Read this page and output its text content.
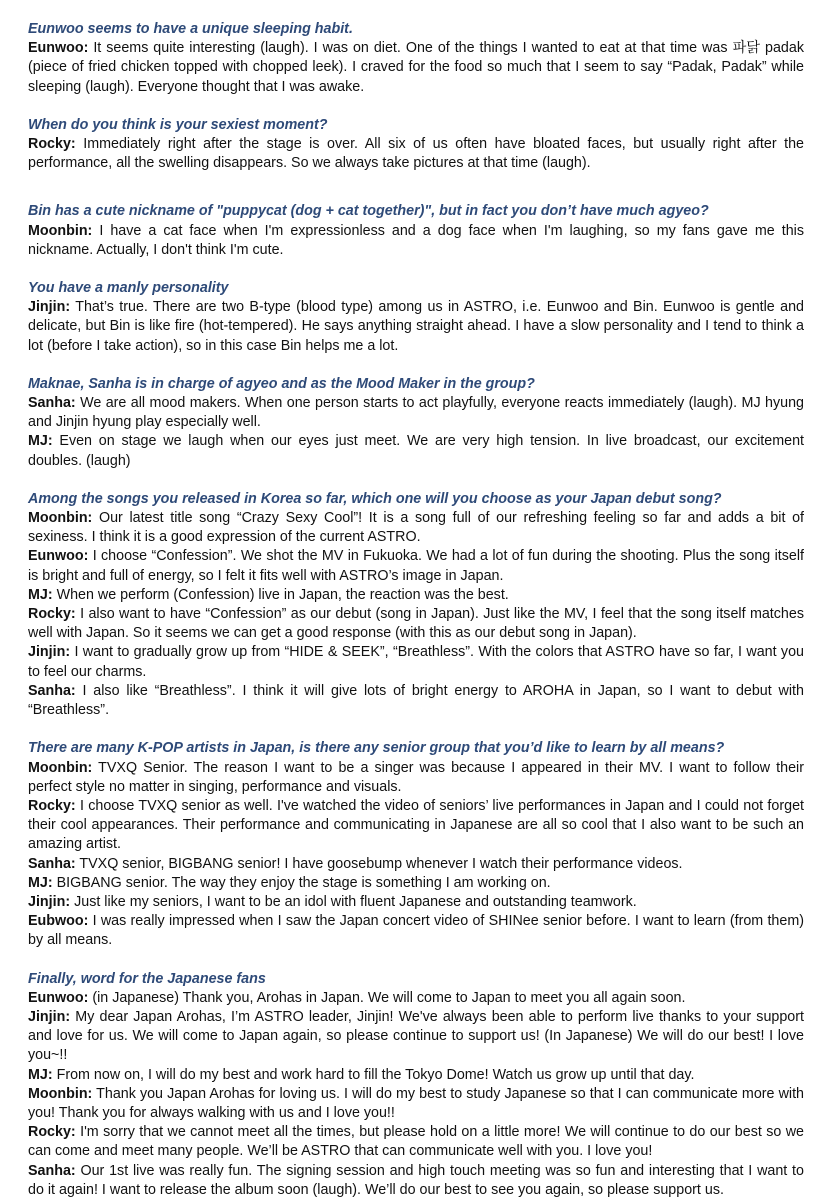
Eunwoo seems to have a unique sleeping habit.

Eunwoo: It seems quite interesting (laugh). I was on diet. One of the things I wanted to eat at that time was 파닭 padak (piece of fried chicken topped with chopped leek). I craved for the food so much that I seem to say “Padak, Padak” while sleeping (laugh). Everyone thought that I was awake.

When do you think is your sexiest moment?

Rocky: Immediately right after the stage is over. All six of us often have bloated faces, but usually right after the performance, all the swelling disappears. So we always take pictures at that time (laugh).

Bin has a cute nickname of "puppycat (dog + cat together)", but in fact you don’t have much agyeo?

Moonbin: I have a cat face when I'm expressionless and a dog face when I'm laughing, so my fans gave me this nickname. Actually, I don't think I'm cute.

You have a manly personality

Jinjin: That’s true. There are two B-type (blood type) among us in ASTRO, i.e. Eunwoo and Bin. Eunwoo is gentle and delicate, but Bin is like fire (hot-tempered). He says anything straight ahead. I have a slow personality and I tend to think a lot (before I take action), so in this case Bin helps me a lot.

Maknae, Sanha is in charge of agyeo and as the Mood Maker in the group?

Sanha: We are all mood makers. When one person starts to act playfully, everyone reacts immediately (laugh). MJ hyung and Jinjin hyung play especially well.

MJ: Even on stage we laugh when our eyes just meet. We are very high tension. In live broadcast, our excitement doubles. (laugh)

Among the songs you released in Korea so far, which one will you choose as your Japan debut song?

Moonbin: Our latest title song “Crazy Sexy Cool”! It is a song full of our refreshing feeling so far and adds a bit of sexiness. I think it is a good expression of the current ASTRO.

Eunwoo: I choose “Confession”. We shot the MV in Fukuoka. We had a lot of fun during the shooting. Plus the song itself is bright and full of energy, so I felt it fits well with ASTRO’s image in Japan.

MJ: When we perform (Confession) live in Japan, the reaction was the best.

Rocky: I also want to have “Confession” as our debut (song in Japan). Just like the MV, I feel that the song itself matches well with Japan. So it seems we can get a good response (with this as our debut song in Japan).

Jinjin: I want to gradually grow up from “HIDE & SEEK”, “Breathless”. With the colors that ASTRO have so far, I want you to feel our charms.

Sanha: I also like “Breathless”. I think it will give lots of bright energy to AROHA in Japan, so I want to debut with “Breathless”.

There are many K-POP artists in Japan, is there any senior group that you’d like to learn by all means?

Moonbin: TVXQ Senior. The reason I want to be a singer was because I appeared in their MV. I want to follow their perfect style no matter in singing, performance and visuals.

Rocky: I choose TVXQ senior as well. I've watched the video of seniors’ live performances in Japan and I could not forget their cool appearances. Their performance and communicating in Japanese are all so cool that I also want to be such an amazing artist.

Sanha: TVXQ senior, BIGBANG senior! I have goosebump whenever I watch their performance videos.

MJ: BIGBANG senior. The way they enjoy the stage is something I am working on.

Jinjin: Just like my seniors, I want to be an idol with fluent Japanese and outstanding teamwork.

Eubwoo: I was really impressed when I saw the Japan concert video of SHINee senior before. I want to learn (from them) by all means.

Finally, word for the Japanese fans

Eunwoo: (in Japanese) Thank you, Arohas in Japan. We will come to Japan to meet you all again soon.

Jinjin: My dear Japan Arohas, I’m ASTRO leader, Jinjin! We've always been able to perform live thanks to your support and love for us. We will come to Japan again, so please continue to support us! (In Japanese) We will do our best! I love you~!!

MJ: From now on, I will do my best and work hard to fill the Tokyo Dome! Watch us grow up until that day.

Moonbin: Thank you Japan Arohas for loving us. I will do my best to study Japanese so that I can communicate more with you! Thank you for always walking with us and I love you!!

Rocky: I'm sorry that we cannot meet all the times, but please hold on a little more! We will continue to do our best so we can come and meet many people. We’ll be ASTRO that can communicate well with you. I love you!

Sanha: Our 1st live was really fun. The signing session and high touch meeting was so fun and interesting that I want to do it again! I want to release the album soon (laugh). We’ll do our best to see you again, so please support us.
